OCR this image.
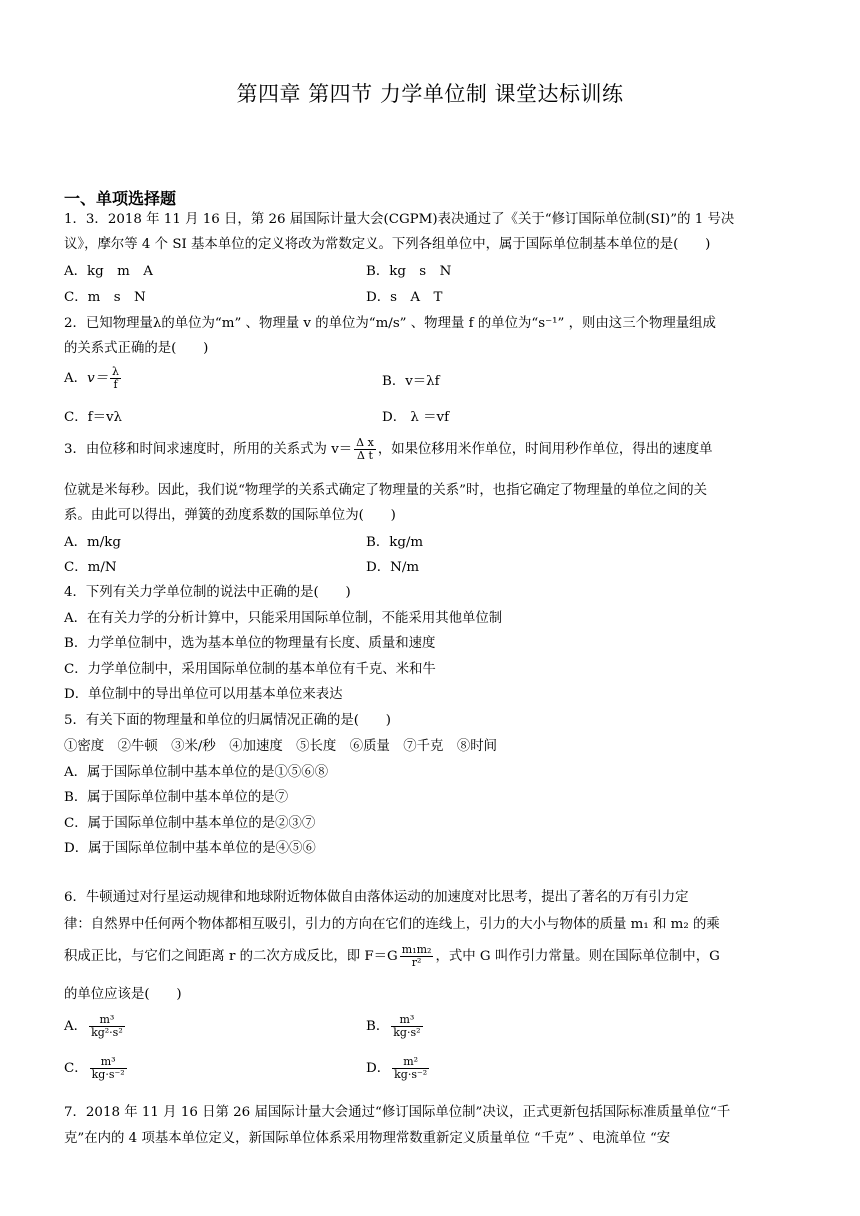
第四章 第四节 力学单位制 课堂达标训练
一、单项选择题
1．3．2018 年 11 月 16 日，第 26 届国际计量大会(CGPM)表决通过了《关于“修订国际单位制(SI)”的 1 号决
议》，摩尔等 4 个 SI 基本单位的定义将改为常数定义。下列各组单位中，属于国际单位制基本单位的是(　　)
A．kg　m　A	B．kg　s　N
C．m　s　N	D．s　A　T
2．已知物理量λ的单位为“m” 、物理量 v 的单位为“m/s” 、物理量 f 的单位为“s⁻¹” ，则由这三个物理量组成
的关系式正确的是(　　)
A．$v= \frac{\lambda}{f}$	B．v＝λf
C．f＝vλ	D． λ ＝vf
3．由位移和时间求速度时，所用的关系式为 $v= \frac{\text{Δ x}}{\text{Δ t}}$ ，如果位移用米作单位，时间用秒作单位，得出的速度单
位就是米每秒。因此，我们说“物理学的关系式确定了物理量的关系”时，也指它确定了物理量的单位之间的关
系。由此可以得出，弹簧的劲度系数的国际单位为(　　)
A．m/kg	B．kg/m
C．m/N	D．N/m
4．下列有关力学单位制的说法中正确的是(　　)
A．在有关力学的分析计算中，只能采用国际单位制，不能采用其他单位制
B．力学单位制中，选为基本单位的物理量有长度、质量和速度
C．力学单位制中，采用国际单位制的基本单位有千克、米和牛
D．单位制中的导出单位可以用基本单位来表达
5．有关下面的物理量和单位的归属情况正确的是(　　)
①密度　②牛顿　③米/秒　④加速度　⑤长度　⑥质量　⑦千克　⑧时间
A．属于国际单位制中基本单位的是①⑤⑥⑧
B．属于国际单位制中基本单位的是⑦
C．属于国际单位制中基本单位的是②③⑦
D．属于国际单位制中基本单位的是④⑤⑥
6．牛顿通过对行星运动规律和地球附近物体做自由落体运动的加速度对比思考，提出了著名的万有引力定
律：自然界中任何两个物体都相互吸引，引力的方向在它们的连线上，引力的大小与物体的质量 m₁ 和 m₂ 的乘
积成正比，与它们之间距离 r 的二次方成反比，即 $F=G \frac{\text{m₁m₂}}{\text{r²}}$ ，式中 G 叫作引力常量。则在国际单位制中，G
的单位应该是(　　)
A． $\frac{\text{m³}}{\text{kg²·s²}}$	B． $\frac{\text{m³}}{\text{kg·s²}}$
C． $\frac{\text{m³}}{\text{kg·s⁻²}}$	D． $\frac{\text{m²}}{\text{kg·s⁻²}}$
7．2018 年 11 月 16 日第 26 届国际计量大会通过“修订国际单位制”决议，正式更新包括国际标准质量单位“千
克”在内的 4 项基本单位定义，新国际单位体系采用物理常数重新定义质量单位 “千克” 、电流单位 “安
